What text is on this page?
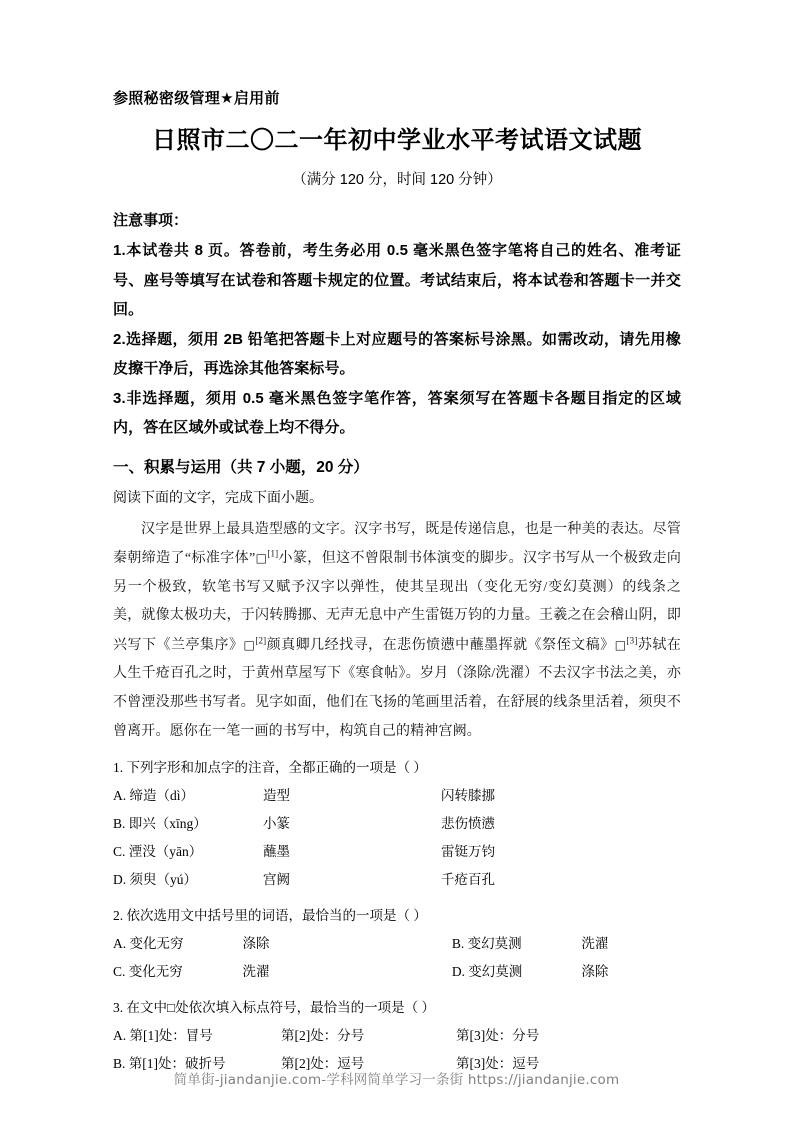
参照秘密级管理★启用前

日照市二〇二一年初中学业水平考试语文试题

（满分 120 分，时间 120 分钟）

注意事项：

1.本试卷共 8 页。答卷前，考生务必用 0.5 毫米黑色签字笔将自己的姓名、准考证号、座号等填写在试卷和答题卡规定的位置。考试结束后，将本试卷和答题卡一并交回。

2.选择题，须用 2B 铅笔把答题卡上对应题号的答案标号涂黑。如需改动，请先用橡皮擦干净后，再选涂其他答案标号。

3.非选择题，须用 0.5 毫米黑色签字笔作答，答案须写在答题卡各题目指定的区域内，答在区域外或试卷上均不得分。

一、积累与运用（共 7 小题，20 分）

阅读下面的文字，完成下面小题。

汉字是世界上最具造型感的文字。汉字书写，既是传递信息，也是一种美的表达。尽管秦朝缔造了“标准字体”□[1]小篆，但这不曾限制书体演变的脚步。汉字书写从一个极致走向另一个极致，软笔书写又赋予汉字以弹性，使其呈现出（变化无穷/变幻莫测）的线条之美，就像太极功夫，于闪转腾挪、无声无息中产生雷铤万钧的力量。王羲之在会稽山阴，即兴写下《兰亭集序》□[2]颜真卿几经找寻，在悲伤愤懑中蘸墨挥就《祭侄文稿》□[3]苏轼在人生千疮百孔之时，于黄州草屋写下《寒食帖》。岁月（涤除/洗濯）不去汉字书法之美，亦不曾湮没那些书写者。见字如面，他们在飞扬的笔画里活着，在舒展的线条里活着，须臾不曾离开。愿你在一笔一画的书写中，构筑自己的精神宫阙。

1. 下列字形和加点字的注音，全都正确的一项是（ ）

A. 缔造（dì）	造型	闪转膝挪
B. 即兴（xīng）	小篆	悲伤愤懑
C. 湮没（yān）	蘸墨	雷铤万钧
D. 须臾（yú）	宫阙	千疮百孔

2. 依次选用文中括号里的词语，最恰当的一项是（ ）

A. 变化无穷	涤除	B. 变幻莫测	洗濯
C. 变化无穷	洗濯	D. 变幻莫测	涤除

3. 在文中□处依次填入标点符号，最恰当的一项是（ ）

A. 第[1]处：冒号	第[2]处：分号	第[3]处：分号
B. 第[1]处：破折号	第[2]处：逗号	第[3]处：逗号
简单街-jiandanjie.com-学科网简单学习一条街 https://jiandanjie.com
